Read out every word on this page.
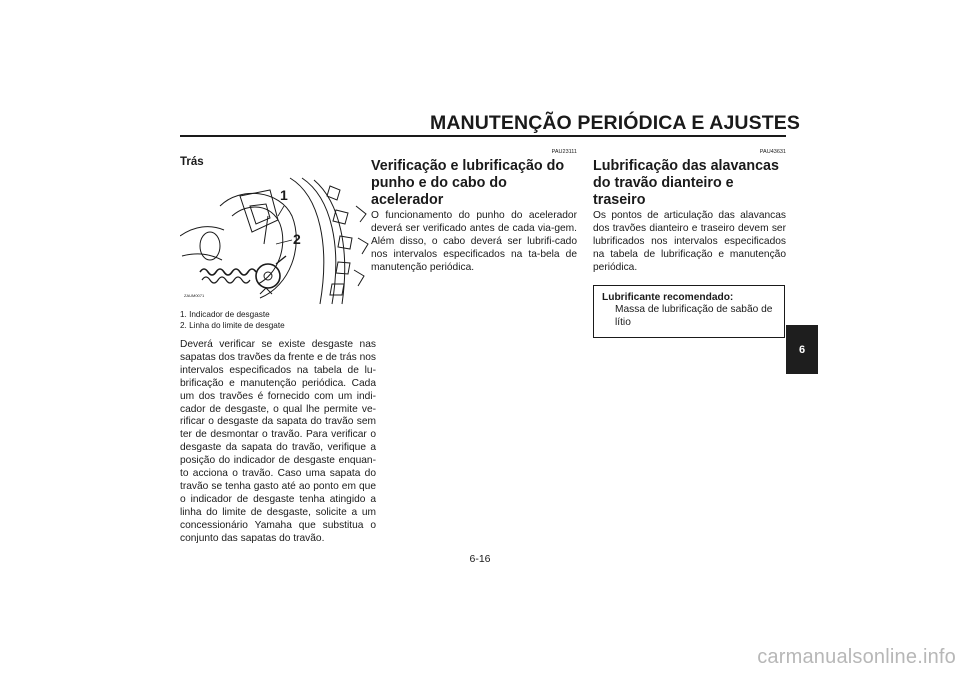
MANUTENÇÃO PERIÓDICA E AJUSTES
Trás
1
2
ZAUM0071
1. Indicador de desgaste
2. Linha do limite de desgate

Deverá verificar se existe desgaste nas sapatas dos travões da frente e de trás nos intervalos especificados na tabela de lu-brificação e manutenção periódica. Cada um dos travões é fornecido com um indi-cador de desgaste, o qual lhe permite ve-rificar o desgaste da sapata do travão sem ter de desmontar o travão. Para verificar o desgaste da sapata do travão, verifique a posição do indicador de desgaste enquan-to acciona o travão. Caso uma sapata do travão se tenha gasto até ao ponto em que o indicador de desgaste tenha atingido a linha do limite de desgaste, solicite a um concessionário Yamaha que substitua o conjunto das sapatas do travão.

PAU23111
Verificação e lubrificação do punho e do cabo do acelerador

O funcionamento do punho do acelerador deverá ser verificado antes de cada via-gem. Além disso, o cabo deverá ser lubrifi-cado nos intervalos especificados na ta-bela de manutenção periódica.

PAU43631
Lubrificação das alavancas do travão dianteiro e traseiro

Os pontos de articulação das alavancas dos travões dianteiro e traseiro devem ser lubrificados nos intervalos especificados na tabela de lubrificação e manutenção periódica.

Lubrificante recomendado:
Massa de lubrificação de sabão de lítio
6
6-16
carmanualsonline.info
